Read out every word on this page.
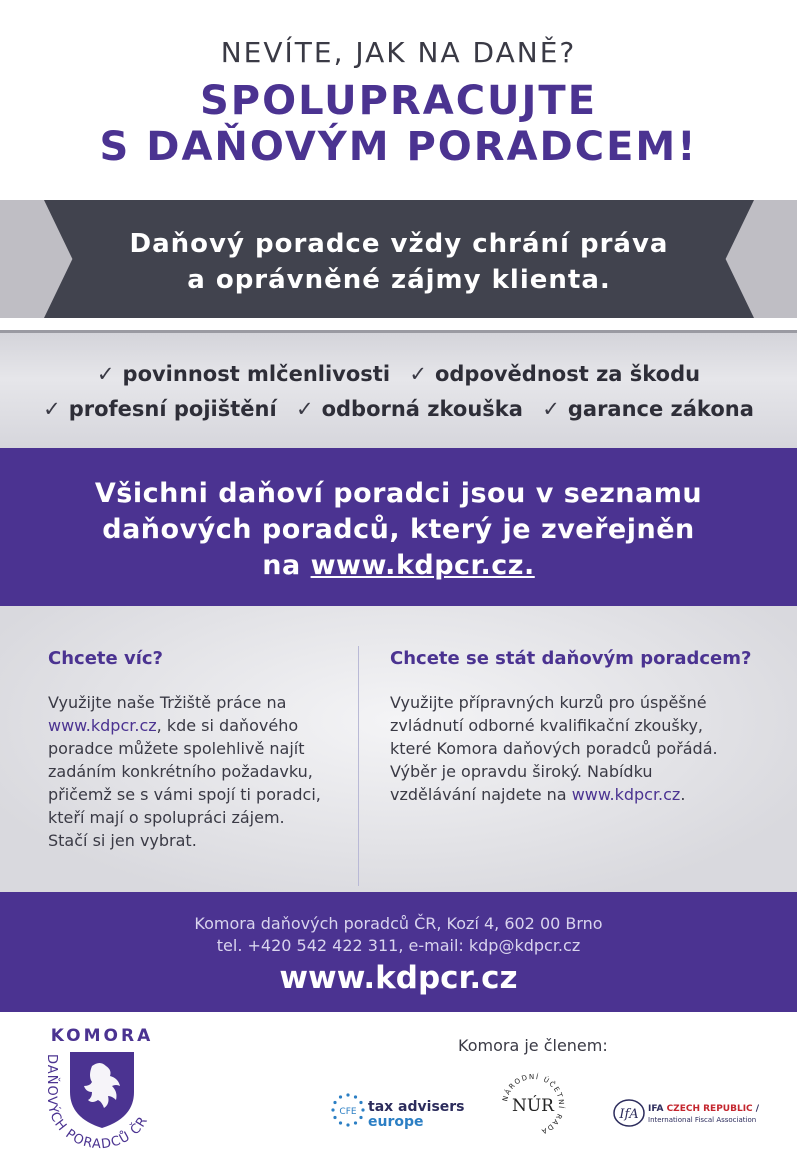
NEVÍTE, JAK NA DANĚ?
SPOLUPRACUJTE
S DAŇOVÝM PORADCEM!
Daňový poradce vždy chrání práva
a oprávněné zájmy klienta.
✓ povinnost mlčenlivosti ✓ odpovědnost za škodu
✓ profesní pojištění ✓ odborná zkouška ✓ garance zákona
Všichni daňoví poradci jsou v seznamu
daňových poradců, který je zveřejněn
na www.kdpcr.cz.
Chcete víc?
Využijte naše Tržiště práce na
www.kdpcr.cz, kde si daňového
poradce můžete spolehlivě najít
zadáním konkrétního požadavku,
přičemž se s vámi spojí ti poradci,
kteří mají o spolupráci zájem.
Stačí si jen vybrat.
Chcete se stát daňovým poradcem?
Využijte přípravných kurzů pro úspěšné
zvládnutí odborné kvalifikační zkoušky,
které Komora daňových poradců pořádá.
Výběr je opravdu široký. Nabídku
vzdělávání najdete na www.kdpcr.cz.
Komora daňových poradců ČR, Kozí 4, 602 00 Brno
tel. +420 542 422 311, e-mail: kdp@kdpcr.cz
www.kdpcr.cz
KOMORA
DAŇOVÝCH PORADCŮ ČR
Komora je členem:
CFE tax advisers
europe
NÁRODNÍ ÚČETNÍ RADA
NÚR	IfA IFA CZECH REPUBLIC /
International Fiscal Association
